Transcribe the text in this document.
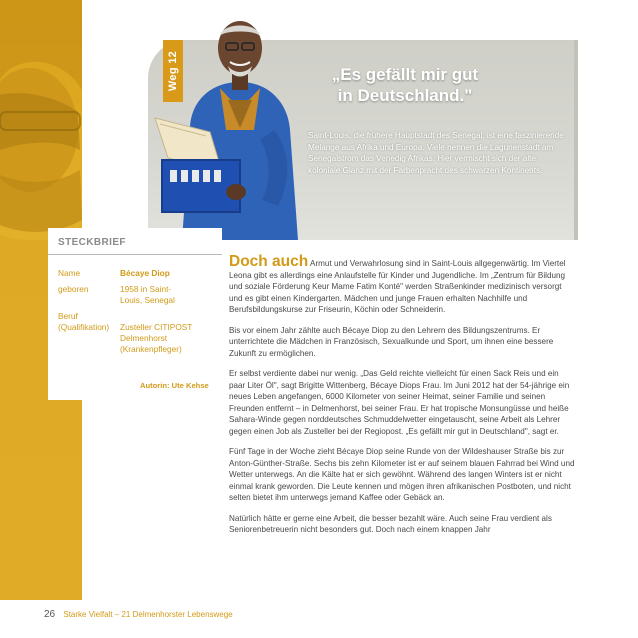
Weg 12	„Es gefällt mir gut
in Deutschland."

Saint-Louis, die frühere Hauptstadt des Senegal, ist eine faszinierende Melange aus Afrika und Europa. Viele nennen die Lagunenstadt am Senegalstrom das Venedig Afrikas. Hier vermischt sich der alte koloniale Glanz mit der Farbenpracht des schwarzen Kontinents.

STECKBRIEF
Name	Bécaye Diop
geboren	1958 in Saint-Louis, Senegal
Beruf (Qualifikation)	Zusteller CITIPOST Delmenhorst (Krankenpfleger)
Autorin: Ute Kehse

Doch auch Armut und Verwahrlosung sind in Saint-Louis allgegenwärtig. Im Viertel Leona gibt es allerdings eine Anlaufstelle für Kinder und Jugendliche. Im „Zentrum für Bildung und soziale Förderung Keur Mame Fatim Konté" werden Straßenkinder medizinisch versorgt und es gibt einen Kindergarten. Mädchen und junge Frauen erhalten Nachhilfe und Berufsbildungskurse zur Friseurin, Köchin oder Schneiderin.

Bis vor einem Jahr zählte auch Bécaye Diop zu den Lehrern des Bildungszentrums. Er unterrichtete die Mädchen in Französisch, Sexualkunde und Sport, um ihnen eine bessere Zukunft zu ermöglichen.

Er selbst verdiente dabei nur wenig. „Das Geld reichte vielleicht für einen Sack Reis und ein paar Liter Öl", sagt Brigitte Wittenberg, Bécaye Diops Frau. Im Juni 2012 hat der 54-jährige ein neues Leben angefangen, 6000 Kilometer von seiner Heimat, seiner Familie und seinen Freunden entfernt – in Delmenhorst, bei seiner Frau. Er hat tropische Monsungüsse und heiße Sahara-Winde gegen norddeutsches Schmuddelwetter eingetauscht, seine Arbeit als Lehrer gegen einen Job als Zusteller bei der Regiopost. „Es gefällt mir gut in Deutschland", sagt er.

Fünf Tage in der Woche zieht Bécaye Diop seine Runde von der Wildeshauser Straße bis zur Anton-Günther-Straße. Sechs bis zehn Kilometer ist er auf seinem blauen Fahrrad bei Wind und Wetter unterwegs. An die Kälte hat er sich gewöhnt. Während des langen Winters ist er nicht einmal krank geworden. Die Leute kennen und mögen ihren afrikanischen Postboten, und nicht selten bietet ihm unterwegs jemand Kaffee oder Gebäck an.

Natürlich hätte er gerne eine Arbeit, die besser bezahlt wäre. Auch seine Frau verdient als Seniorenbetreuerin nicht besonders gut. Doch nach einem knappen Jahr

26 Starke Vielfalt – 21 Delmenhorster Lebenswege
